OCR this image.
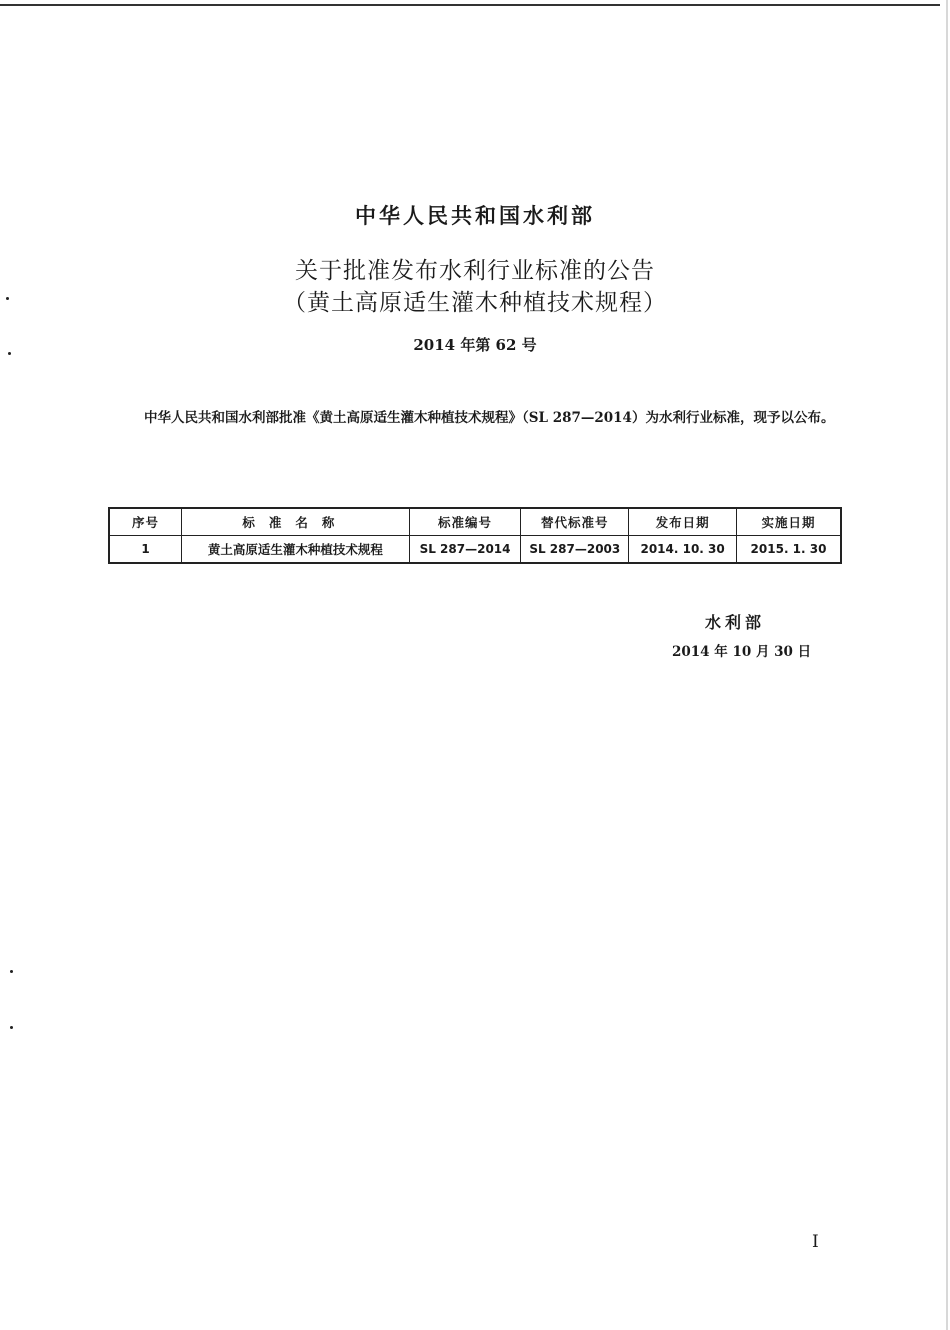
中华人民共和国水利部
关于批准发布水利行业标准的公告
（黄土高原适生灌木种植技术规程）
2014 年第 62 号
中华人民共和国水利部批准《黄土高原适生灌木种植技术规程》（SL 287—2014）为水利行业标准，现予以公布。
序号	标准名称	标准编号	替代标准号	发布日期	实施日期
1	黄土高原适生灌木种植技术规程	SL 287—2014	SL 287—2003	2014. 10. 30	2015. 1. 30
水利部
2014 年 10 月 30 日
I
